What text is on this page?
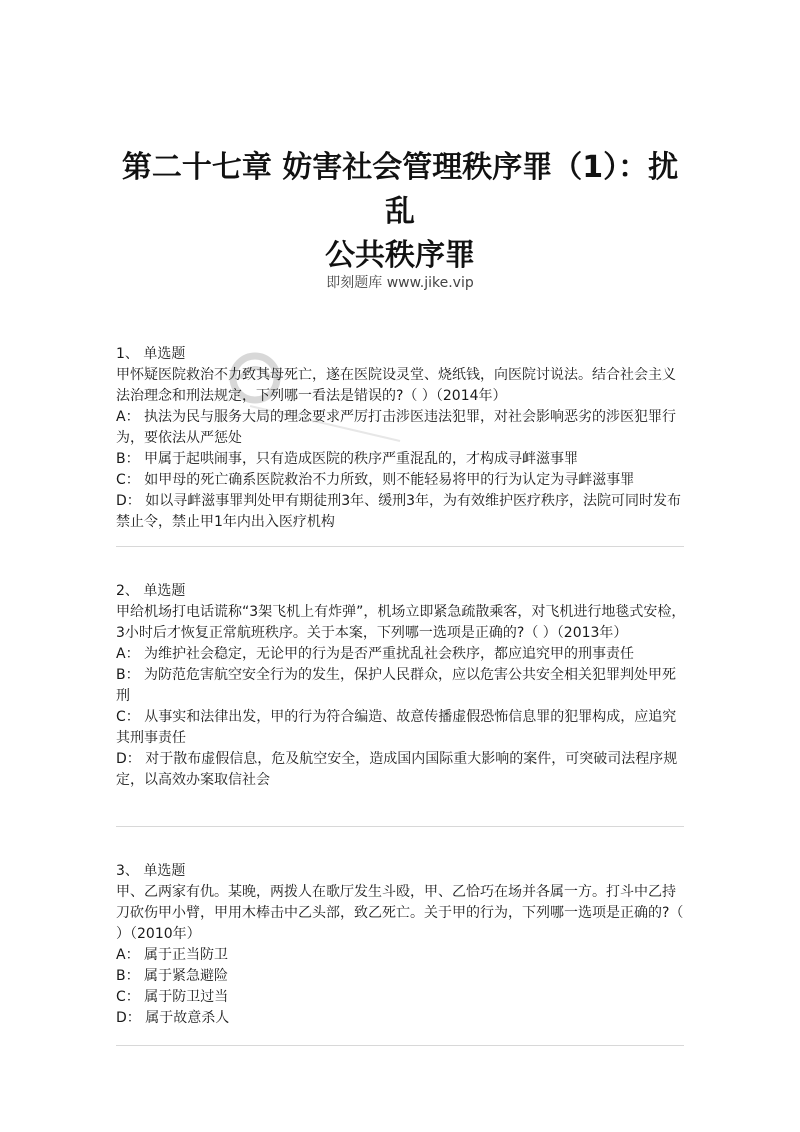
第二十七章 妨害社会管理秩序罪（1）：扰乱
公共秩序罪
即刻题库 www.jike.vip
1、 单选题
甲怀疑医院救治不力致其母死亡，遂在医院设灵堂、烧纸钱，向医院讨说法。结合社会主义法治理念和刑法规定，下列哪一看法是错误的?（ ）（2014年）
A： 执法为民与服务大局的理念要求严厉打击涉医违法犯罪，对社会影响恶劣的涉医犯罪行为，要依法从严惩处
B： 甲属于起哄闹事，只有造成医院的秩序严重混乱的，才构成寻衅滋事罪
C： 如甲母的死亡确系医院救治不力所致，则不能轻易将甲的行为认定为寻衅滋事罪
D： 如以寻衅滋事罪判处甲有期徒刑3年、缓刑3年，为有效维护医疗秩序，法院可同时发布禁止令，禁止甲1年内出入医疗机构
2、 单选题
甲给机场打电话谎称“3架飞机上有炸弹”，机场立即紧急疏散乘客，对飞机进行地毯式安检，3小时后才恢复正常航班秩序。关于本案，下列哪一选项是正确的?（ ）（2013年）
A： 为维护社会稳定，无论甲的行为是否严重扰乱社会秩序，都应追究甲的刑事责任
B： 为防范危害航空安全行为的发生，保护人民群众，应以危害公共安全相关犯罪判处甲死刑
C： 从事实和法律出发，甲的行为符合编造、故意传播虚假恐怖信息罪的犯罪构成，应追究其刑事责任
D： 对于散布虚假信息，危及航空安全，造成国内国际重大影响的案件，可突破司法程序规定，以高效办案取信社会
3、 单选题
甲、乙两家有仇。某晚，两拨人在歌厅发生斗殴，甲、乙恰巧在场并各属一方。打斗中乙持刀砍伤甲小臂，甲用木棒击中乙头部，致乙死亡。关于甲的行为，下列哪一选项是正确的?（ ）（2010年）
A： 属于正当防卫
B： 属于紧急避险
C： 属于防卫过当
D： 属于故意杀人
